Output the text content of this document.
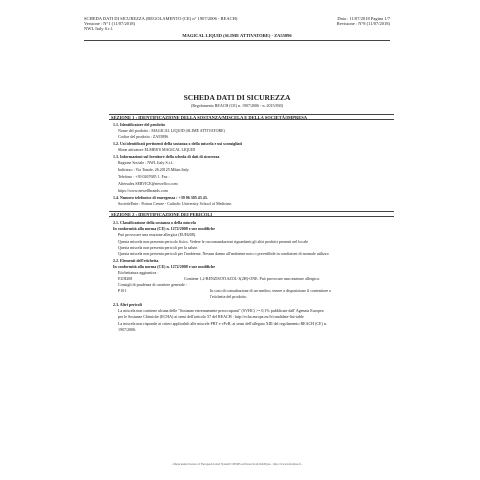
SCHEDA DATI DI SICUREZZA (REGOLAMENTO (CE) n° 1907/2006 - REACH)	Data : 11/07/2018 Pagina 1/7
Versione : N°1 (11/07/2018)	Revisione : N°8 (11/07/2018)
NWL Italy S.r.l.
MAGICAL LIQUID (SLIME ATTIVATORE) - ZA55896
SCHEDA DATI DI SICUREZZA
(Regolamento REACH (CE) n. 1907/2006 - n. 2015/830)
SEZIONE 1 : IDENTIFICAZIONE DELLA SOSTANZA/MISCELA E DELLA SOCIETÀ/IMPRESA
1.1. Identificatore del prodotto
Nome del prodotto : MAGICAL LIQUID (SLIME ATTIVATORE)
Codice del prodotto : ZA55896
1.2. Usi identificati pertinenti della sostanza o della miscela e usi sconsigliati
Slime attivatore ELMER'S MAGICAL LIQUID
1.3. Informazioni sul fornitore della scheda di dati di sicurezza
Ragione Sociale : NWL Italy S.r.l..
Indirizzo : Via Tonale, 26.20125.Milan.Italy.
Telefono : +39 0267685 1. Fax : .
Aftersales.SERVICE@newellco.com
https://www.newellbrands.com
1.4. Numero telefonico di emergenza : +39 06 305 43 43.
Società/Ente : Poison Centre - Catholic University School of Medicine.
SEZIONE 2 : IDENTIFICAZIONE DEI PERICOLI
2.1. Classificazione della sostanza o della miscela
In conformità alla norma (CE) n. 1272/2008 e sue modifiche
Può provocare una reazione allergica (EUH208).
Questa miscela non presenta pericolo fisico. Vedere le raccomandazioni riguardanti gli altri prodotti presenti nel locale
Questa miscela non presenta pericoli per la salute.
Questa miscela non presenta pericoli per l'ambiente. Nessun danno all'ambiente noto o prevedibile in condizioni di normale utilizzo
2.2. Elementi dell'etichetta
In conformità alla norma (CE) n. 1272/2008 e sue modifiche
Etichettatura aggiuntiva :
EUH208	Contiene 1,2-BENZISOTIAZOL-3(2H)-ONE. Può provocare una reazione allergica.
Consigli di prudenza di carattere generale :
P101	In caso di consultazione di un medico, tenere a disposizione il contenitore o
l'etichetta del prodotto.
2.3. Altri pericoli
La miscela non contiene alcuna delle "Sostanze estremamente preoccupanti" (SVHC) >= 0,1% pubblicate dall' Agenzia Europea
per le Sostanze Chimiche (ECHA) ai sensi dell'articolo 57 del REACH : http://echa.europa.eu/fr/candidate-list-table
La miscela non risponde ai criteri applicabili alle miscele PBT e vPvB, ai sensi dell'allegato XIII del regolamento REACH (CE) n.
1907/2006.
- Made under licence of European Label System® MSDS software from InfoDyne - http://www.infodyne.fr -
